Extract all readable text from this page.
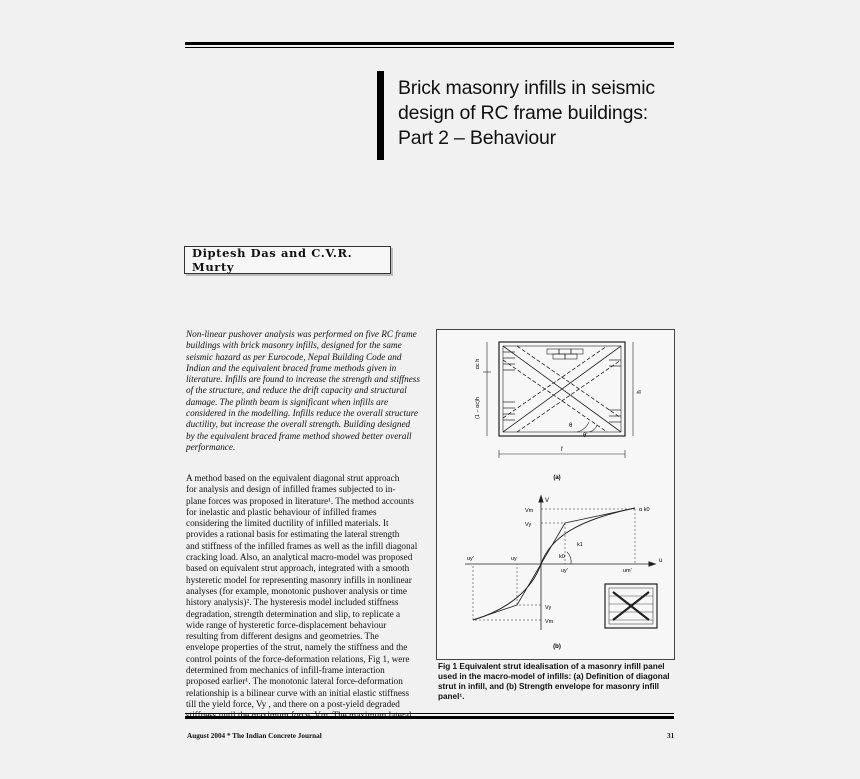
Brick masonry infills in seismic
design of RC frame buildings:
Part 2 – Behaviour
Diptesh Das and C.V.R. Murty
Non-linear pushover analysis was performed on five RC frame
buildings with brick masonry infills, designed for the same
seismic hazard as per Eurocode, Nepal Building Code and
Indian and the equivalent braced frame methods given in
literature. Infills are found to increase the strength and stiffness
of the structure, and reduce the drift capacity and structural
damage. The plinth beam is significant when infills are
considered in the modelling. Infills reduce the overall structure
ductility, but increase the overall strength. Building designed
by the equivalent braced frame method showed better overall
performance.
A method based on the equivalent diagonal strut approach
for analysis and design of infilled frames subjected to in-
plane forces was proposed in literature¹. The method accounts
for inelastic and plastic behaviour of infilled frames
considering the limited ductility of infilled materials. It
provides a rational basis for estimating the lateral strength
and stiffness of the infilled frames as well as the infill diagonal
cracking load. Also, an analytical macro-model was proposed
based on equivalent strut approach, integrated with a smooth
hysteretic model for representing masonry infills in nonlinear
analyses (for example, monotonic pushover analysis or time
history analysis)². The hysteresis model included stiffness
degradation, strength determination and slip, to replicate a
wide range of hysteretic force-displacement behaviour
resulting from different designs and geometries. The
envelope properties of the strut, namely the stiffness and the
control points of the force-deformation relations, Fig 1, were
determined from mechanics of infill-frame interaction
proposed earlier¹. The monotonic lateral force-deformation
relationship is a bilinear curve with an initial elastic stiffness
till the yield force, Vy , and there on a post-yield degraded
αc h
(1 − αc)h
h
l'
θ
θ'
(a)
V
Vm
Vy
Vy
Vm
α k0
k1
k0
uy'	uy
uy'	um'
u
(b)
Fig 1 Equivalent strut idealisation of a masonry infill panel
used in the macro-model of infills: (a) Definition of diagonal
strut in infill, and (b) Strength envelope for masonry infill
panel¹.
August 2004 * The Indian Concrete Journal	31
